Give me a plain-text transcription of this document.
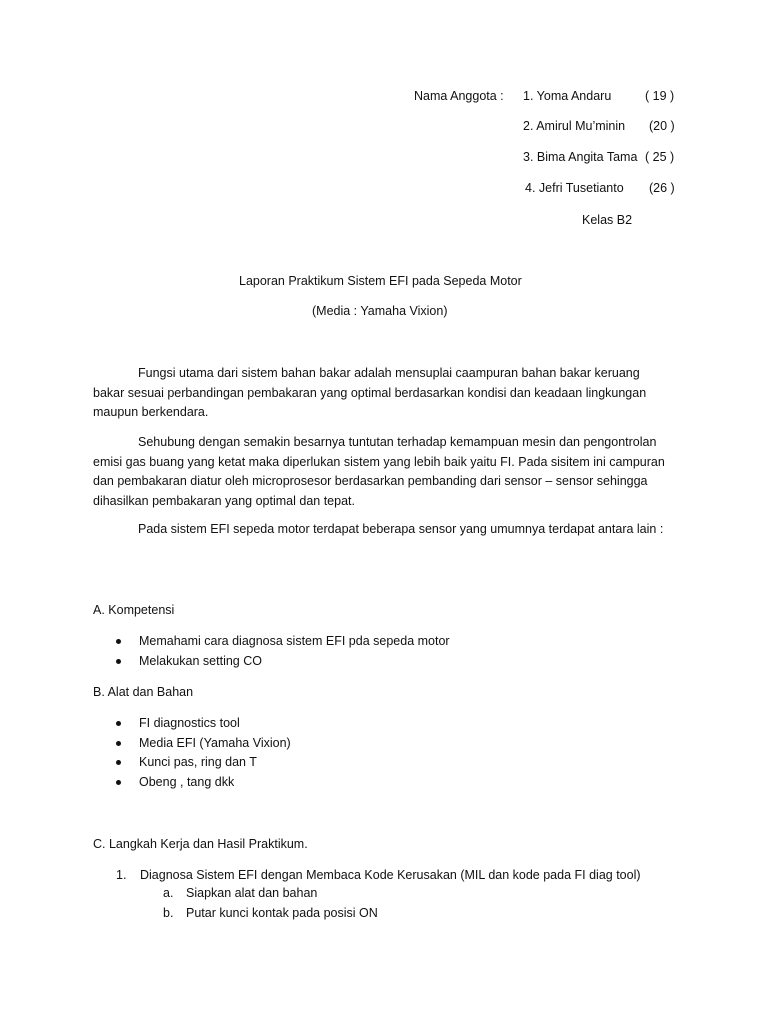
Nama Anggota : 1. Yoma Andaru	( 19 )
2. Amirul Mu’minin (20 )
3. Bima Angita Tama ( 25 )
4. Jefri Tusetianto (26 )
Kelas B2
Laporan Praktikum Sistem EFI pada Sepeda Motor
(Media : Yamaha Vixion)
Fungsi utama dari sistem bahan bakar adalah mensuplai caampuran bahan bakar keruang bakar sesuai perbandingan pembakaran yang optimal berdasarkan kondisi dan keadaan lingkungan maupun berkendara.
Sehubung dengan semakin besarnya tuntutan terhadap kemampuan mesin dan pengontrolan emisi gas buang yang ketat maka diperlukan sistem yang lebih baik yaitu FI. Pada sisitem ini campuran dan pembakaran diatur oleh microprosesor berdasarkan pembanding dari sensor – sensor sehingga dihasilkan pembakaran yang optimal dan tepat.
Pada sistem EFI sepeda motor terdapat beberapa sensor yang umumnya terdapat antara lain :
A. Kompetensi
Memahami cara diagnosa sistem EFI pda sepeda motor
Melakukan setting CO
B. Alat dan Bahan
FI diagnostics tool
Media EFI (Yamaha Vixion)
Kunci pas, ring dan T
Obeng , tang dkk
C. Langkah Kerja dan Hasil Praktikum.
1. Diagnosa Sistem EFI dengan Membaca Kode Kerusakan (MIL dan kode pada FI diag tool)
a. Siapkan alat dan bahan
b. Putar kunci kontak pada posisi ON
